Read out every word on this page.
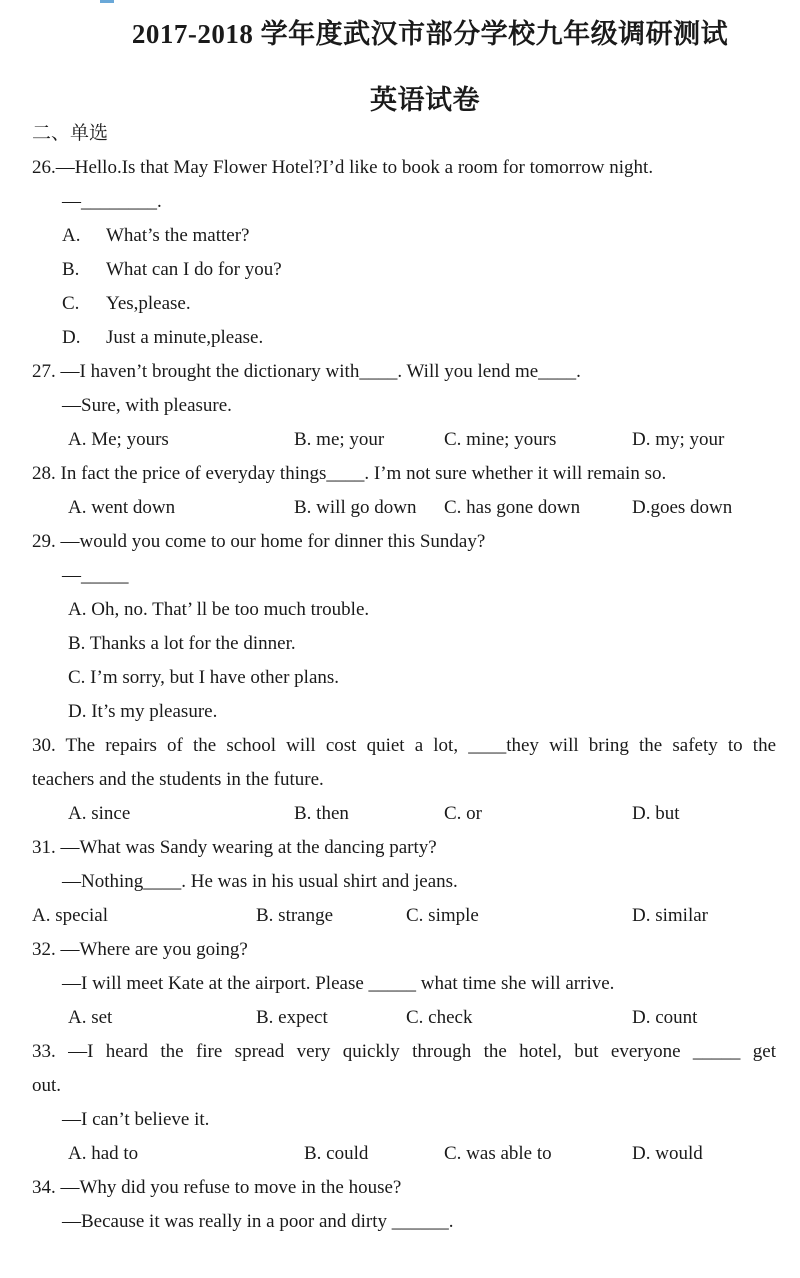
2017-2018 学年度武汉市部分学校九年级调研测试
英语试卷
二、单选
26.—Hello.Is that May Flower Hotel?I’d like to book a room for tomorrow night.
—________.
A. What’s the matter?
B. What can I do for you?
C. Yes,please.
D. Just a minute,please.
27. —I haven’t brought the dictionary with____. Will you lend me____.
—Sure, with pleasure.
A. Me; yours	B. me; your	C. mine; yours	D. my; your
28. In fact the price of everyday things____. I’m not sure whether it will remain so.
A. went down	B. will go down C. has gone down	D.goes down
29. —would you come to our home for dinner this Sunday?
—_____
A. Oh, no. That’ ll be too much trouble.
B. Thanks a lot for the dinner.
C. I’m sorry, but I have other plans.
D. It’s my pleasure.
30. The repairs of the school will cost quiet a lot, ____they will bring the safety to the
teachers and the students in the future.
A. since	B. then	C. or	D. but
31. —What was Sandy wearing at the dancing party?
—Nothing____. He was in his usual shirt and jeans.
A. special	B. strange	C. simple	D. similar
32. —Where are you going?
—I will meet Kate at the airport. Please _____ what time she will arrive.
A. set	B. expect	C. check	D. count
33. —I heard the fire spread very quickly through the hotel, but everyone _____ get
out.
—I can’t believe it.
A. had to	B. could	C. was able to	D. would
34. —Why did you refuse to move in the house?
—Because it was really in a poor and dirty ______.
